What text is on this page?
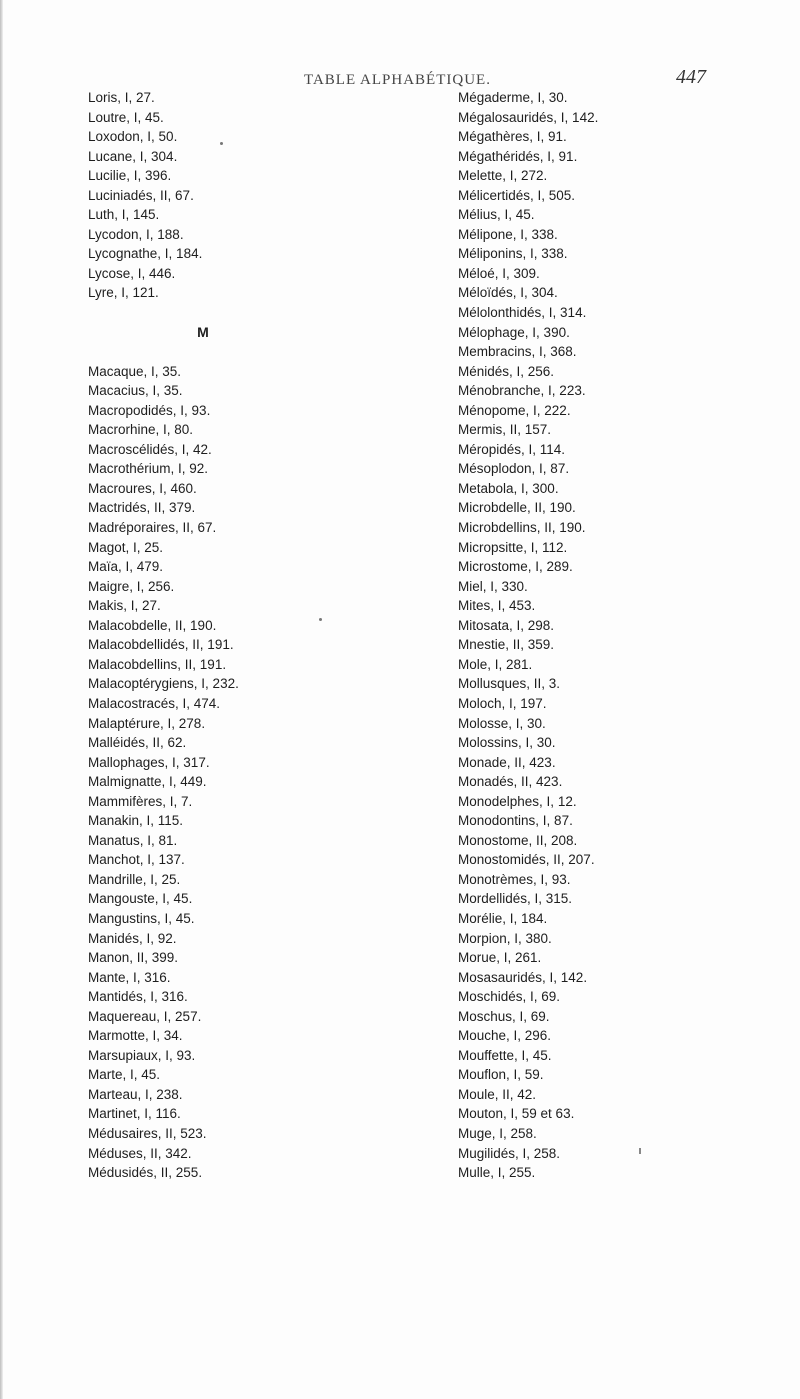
TABLE ALPHABÉTIQUE.	447
Loris, I, 27.
Loutre, I, 45.
Loxodon, I, 50.
Lucane, I, 304.
Lucilie, I, 396.
Luciniadés, II, 67.
Luth, I, 145.
Lycodon, I, 188.
Lycognathe, I, 184.
Lycose, I, 446.
Lyre, I, 121.
M
Macaque, I, 35.
Macacius, I, 35.
Macropodidés, I, 93.
Macrorhine, I, 80.
Macroscélidés, I, 42.
Macrothérium, I, 92.
Macroures, I, 460.
Mactridés, II, 379.
Madréporaires, II, 67.
Magot, I, 25.
Maïa, I, 479.
Maigre, I, 256.
Makis, I, 27.
Malacobdelle, II, 190.
Malacobdellidés, II, 191.
Malacobdellins, II, 191.
Malacoptérygiens, I, 232.
Malacostracés, I, 474.
Malaptérure, I, 278.
Malléidés, II, 62.
Mallophages, I, 317.
Malmignatte, I, 449.
Mammifères, I, 7.
Manakin, I, 115.
Manatus, I, 81.
Manchot, I, 137.
Mandrille, I, 25.
Mangouste, I, 45.
Mangustins, I, 45.
Manidés, I, 92.
Manon, II, 399.
Mante, I, 316.
Mantidés, I, 316.
Maquereau, I, 257.
Marmotte, I, 34.
Marsupiaux, I, 93.
Marte, I, 45.
Marteau, I, 238.
Martinet, I, 116.
Médusaires, II, 523.
Méduses, II, 342.
Médusidés, II, 255.
Mégaderme, I, 30.
Mégalosauridés, I, 142.
Mégathères, I, 91.
Mégathéridés, I, 91.
Melette, I, 272.
Mélicertidés, I, 505.
Mélius, I, 45.
Mélipone, I, 338.
Méliponins, I, 338.
Méloé, I, 309.
Méloïdés, I, 304.
Mélolonthidés, I, 314.
Mélophage, I, 390.
Membracins, I, 368.
Ménidés, I, 256.
Ménobranche, I, 223.
Ménopome, I, 222.
Mermis, II, 157.
Méropidés, I, 114.
Mésoplodon, I, 87.
Metabola, I, 300.
Microbdelle, II, 190.
Microbdellins, II, 190.
Micropsitte, I, 112.
Microstome, I, 289.
Miel, I, 330.
Mites, I, 453.
Mitosata, I, 298.
Mnestie, II, 359.
Mole, I, 281.
Mollusques, II, 3.
Moloch, I, 197.
Molosse, I, 30.
Molossins, I, 30.
Monade, II, 423.
Monadés, II, 423.
Monodelphes, I, 12.
Monodontins, I, 87.
Monostome, II, 208.
Monostomidés, II, 207.
Monotrèmes, I, 93.
Mordellidés, I, 315.
Morélie, I, 184.
Morpion, I, 380.
Morue, I, 261.
Mosasauridés, I, 142.
Moschidés, I, 69.
Moschus, I, 69.
Mouche, I, 296.
Mouffette, I, 45.
Mouflon, I, 59.
Moule, II, 42.
Mouton, I, 59 et 63.
Muge, I, 258.
Mugilidés, I, 258.
Mulle, I, 255.
